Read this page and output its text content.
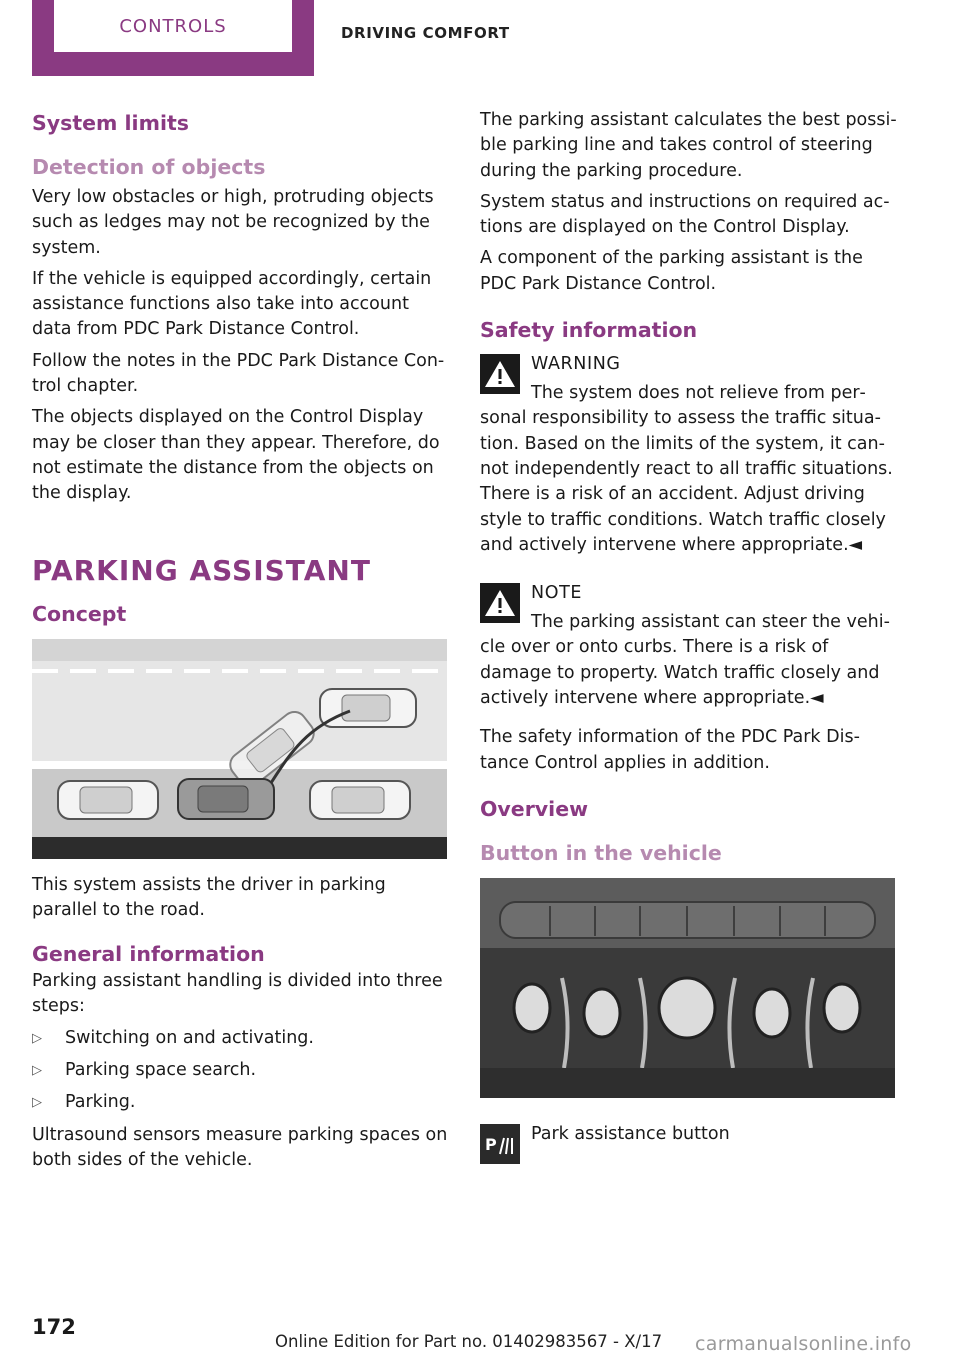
CONTROLS	DRIVING COMFORT
System limits
Detection of objects

Very low obstacles or high, protruding objects such as ledges may not be recognized by the system.

If the vehicle is equipped accordingly, certain assistance functions also take into account data from PDC Park Distance Control.

Follow the notes in the PDC Park Distance Con‐trol chapter.

The objects displayed on the Control Display may be closer than they appear. Therefore, do not estimate the distance from the objects on the display.

PARKING ASSISTANT
Concept

This system assists the driver in parking parallel to the road.

General information

Parking assistant handling is divided into three steps:

▷	Switching on and activating.
▷	Parking space search.
▷	Parking.

Ultrasound sensors measure parking spaces on both sides of the vehicle.

The parking assistant calculates the best possi‐ble parking line and takes control of steering during the parking procedure.

System status and instructions on required ac‐tions are displayed on the Control Display.

A component of the parking assistant is the PDC Park Distance Control.

Safety information
WARNING
The system does not relieve from per‐sonal responsibility to assess the traffic situa‐tion. Based on the limits of the system, it can‐not independently react to all traffic situations. There is a risk of an accident. Adjust driving style to traffic conditions. Watch traffic closely and actively intervene where appropriate.◄
NOTE
The parking assistant can steer the vehi‐cle over or onto curbs. There is a risk of damage to property. Watch traffic closely and actively intervene where appropriate.◄

The safety information of the PDC Park Dis‐tance Control applies in addition.

Overview
Button in the vehicle
P
Park assistance button
172
Online Edition for Part no. 01402983567 - X/17 carmanualsonline.info
